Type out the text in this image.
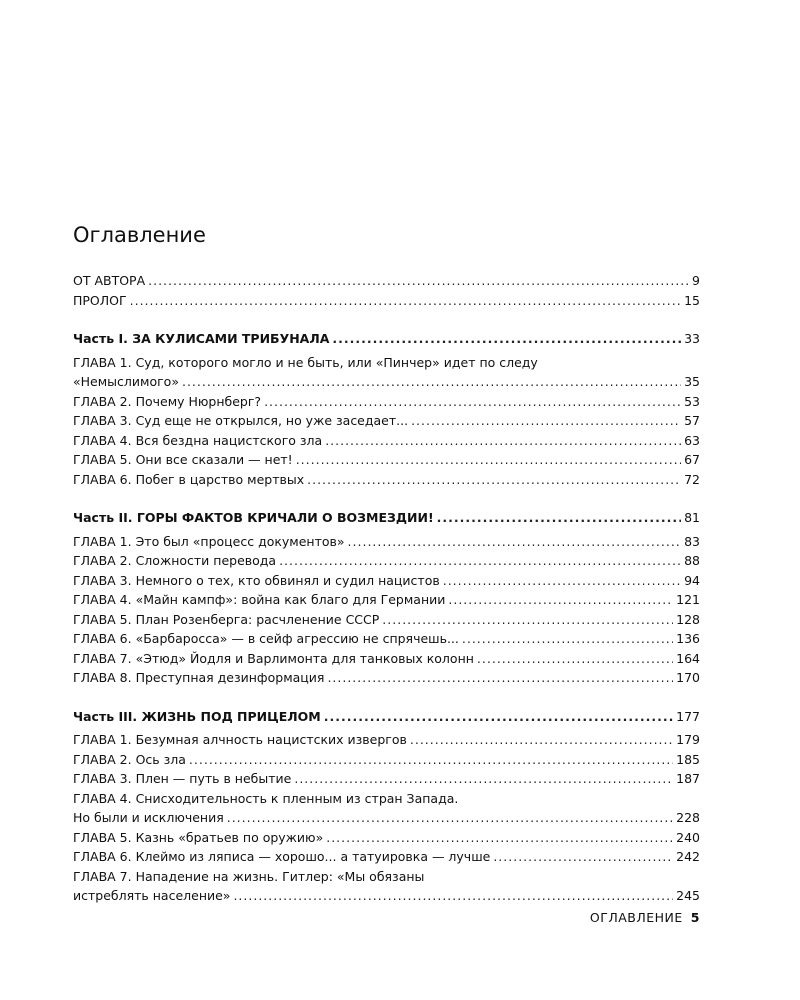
Оглавление
ОТ АВТОРА .....	9
ПРОЛОГ .....	15
Часть I. ЗА КУЛИСАМИ ТРИБУНАЛА .....	33
ГЛАВА 1. Суд, которого могло и не быть, или «Пинчер» идет по следу
«Немыслимого» .....	35
ГЛАВА 2. Почему Нюрнберг? .....	53
ГЛАВА 3. Суд еще не открылся, но уже заседает... .....	57
ГЛАВА 4. Вся бездна нацистского зла .....	63
ГЛАВА 5. Они все сказали — нет! .....	67
ГЛАВА 6. Побег в царство мертвых .....	72
Часть II. ГОРЫ ФАКТОВ КРИЧАЛИ О ВОЗМЕЗДИИ! .....	81
ГЛАВА 1. Это был «процесс документов» .....	83
ГЛАВА 2. Сложности перевода .....	88
ГЛАВА 3. Немного о тех, кто обвинял и судил нацистов .....	94
ГЛАВА 4. «Майн кампф»: война как благо для Германии .....	121
ГЛАВА 5. План Розенберга: расчленение СССР .....	128
ГЛАВА 6. «Барбаросса» — в сейф агрессию не спрячешь... .....	136
ГЛАВА 7. «Этюд» Йодля и Варлимонта для танковых колонн .....	164
ГЛАВА 8. Преступная дезинформация .....	170
Часть III. ЖИЗНЬ ПОД ПРИЦЕЛОМ .....	177
ГЛАВА 1. Безумная алчность нацистских извергов .....	179
ГЛАВА 2. Ось зла .....	185
ГЛАВА 3. Плен — путь в небытие .....	187
ГЛАВА 4. Снисходительность к пленным из стран Запада.
Но были и исключения .....	228
ГЛАВА 5. Казнь «братьев по оружию» .....	240
ГЛАВА 6. Клеймо из ляписа — хорошо... а татуировка — лучше .....	242
ГЛАВА 7. Нападение на жизнь. Гитлер: «Мы обязаны
истреблять население» .....	245
ОГЛАВЛЕНИЕ 5
